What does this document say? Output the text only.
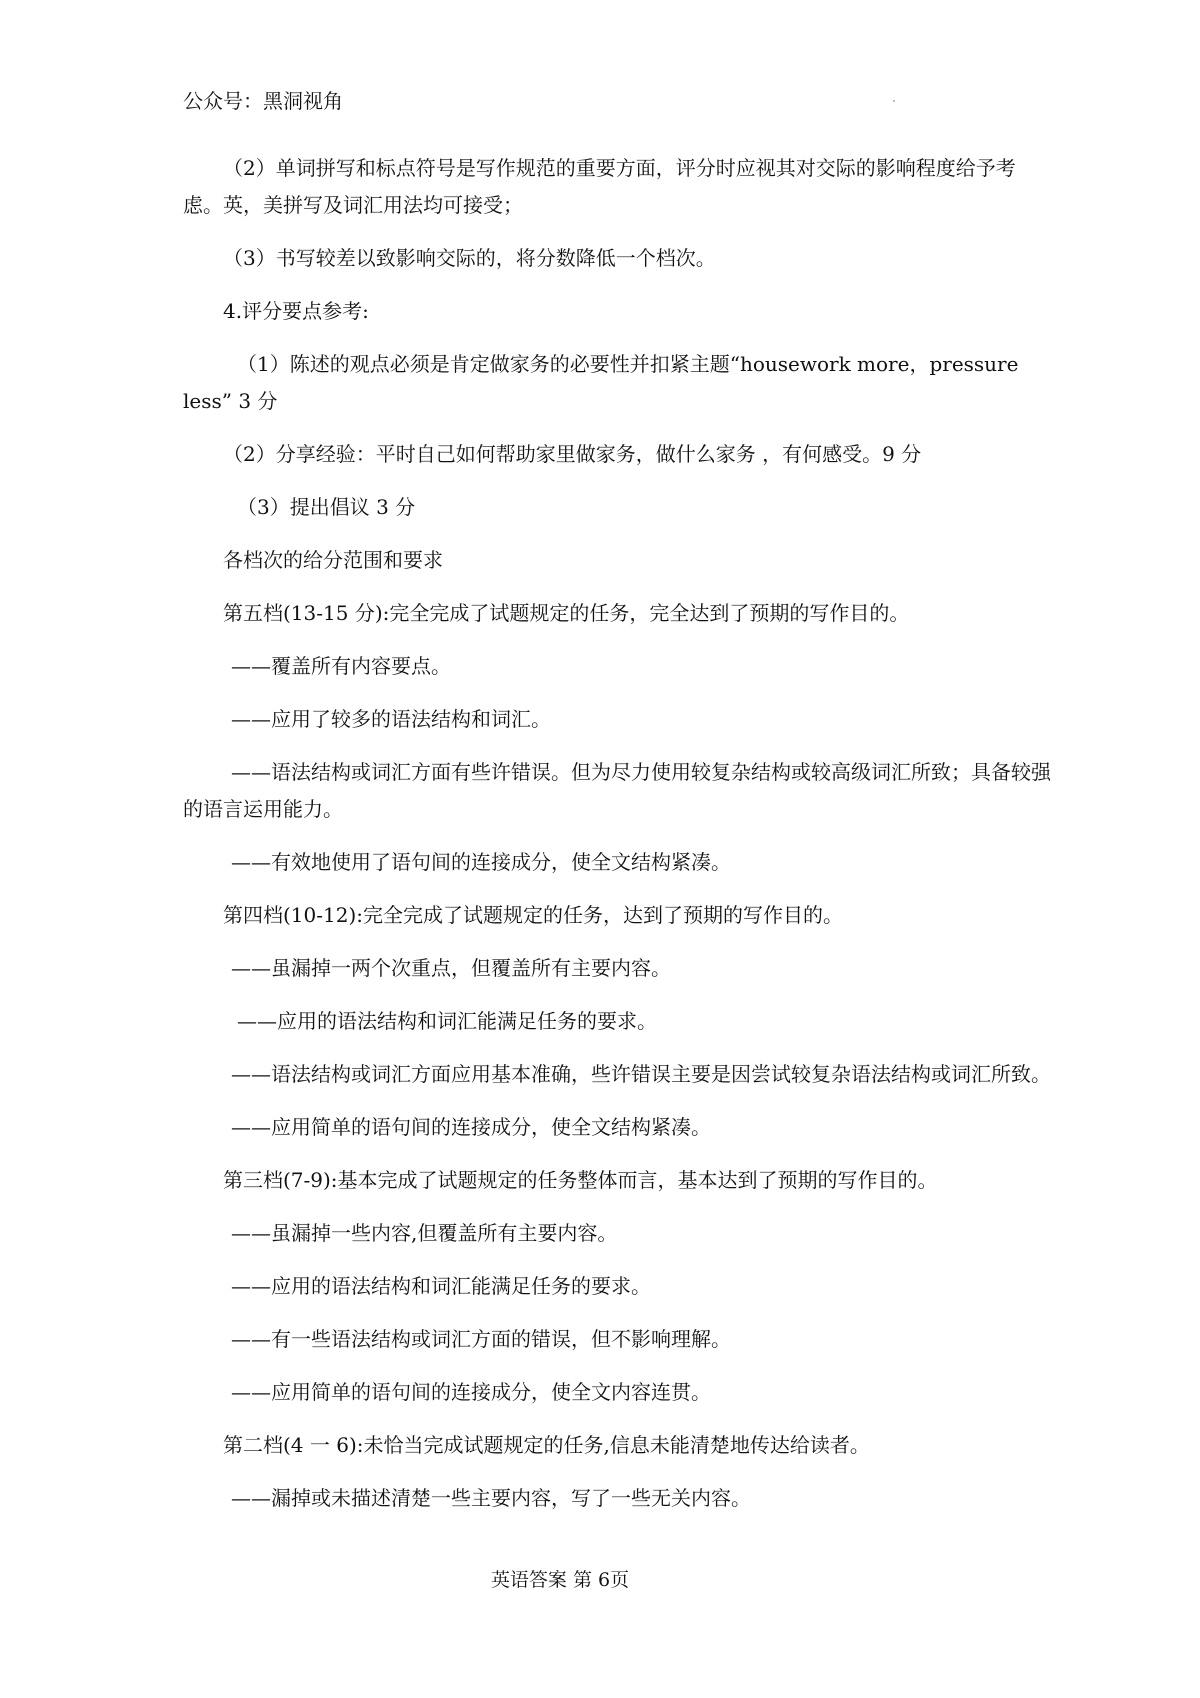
公众号：黑洞视角

（2）单词拼写和标点符号是写作规范的重要方面，评分时应视其对交际的影响程度给予考虑。英，美拼写及词汇用法均可接受；

（3）书写较差以致影响交际的，将分数降低一个档次。

4.评分要点参考:

（1）陈述的观点必须是肯定做家务的必要性并扣紧主题“housework more，pressure less” 3 分

（2）分享经验：平时自己如何帮助家里做家务，做什么家务 ，有何感受。9 分

（3）提出倡议 3 分

各档次的给分范围和要求

第五档(13-15 分):完全完成了试题规定的任务，完全达到了预期的写作目的。

——覆盖所有内容要点。

——应用了较多的语法结构和词汇。

——语法结构或词汇方面有些许错误。但为尽力使用较复杂结构或较高级词汇所致；具备较强的语言运用能力。

——有效地使用了语句间的连接成分，使全文结构紧凑。

第四档(10-12):完全完成了试题规定的任务，达到了预期的写作目的。

——虽漏掉一两个次重点，但覆盖所有主要内容。

——应用的语法结构和词汇能满足任务的要求。

——语法结构或词汇方面应用基本准确，些许错误主要是因尝试较复杂语法结构或词汇所致。

——应用简单的语句间的连接成分，使全文结构紧凑。

第三档(7-9):基本完成了试题规定的任务整体而言，基本达到了预期的写作目的。

——虽漏掉一些内容,但覆盖所有主要内容。

——应用的语法结构和词汇能满足任务的要求。

——有一些语法结构或词汇方面的错误，但不影响理解。

——应用简单的语句间的连接成分，使全文内容连贯。

第二档(4 一 6):未恰当完成试题规定的任务,信息未能清楚地传达给读者。

——漏掉或未描述清楚一些主要内容，写了一些无关内容。

英语答案 第 6页
